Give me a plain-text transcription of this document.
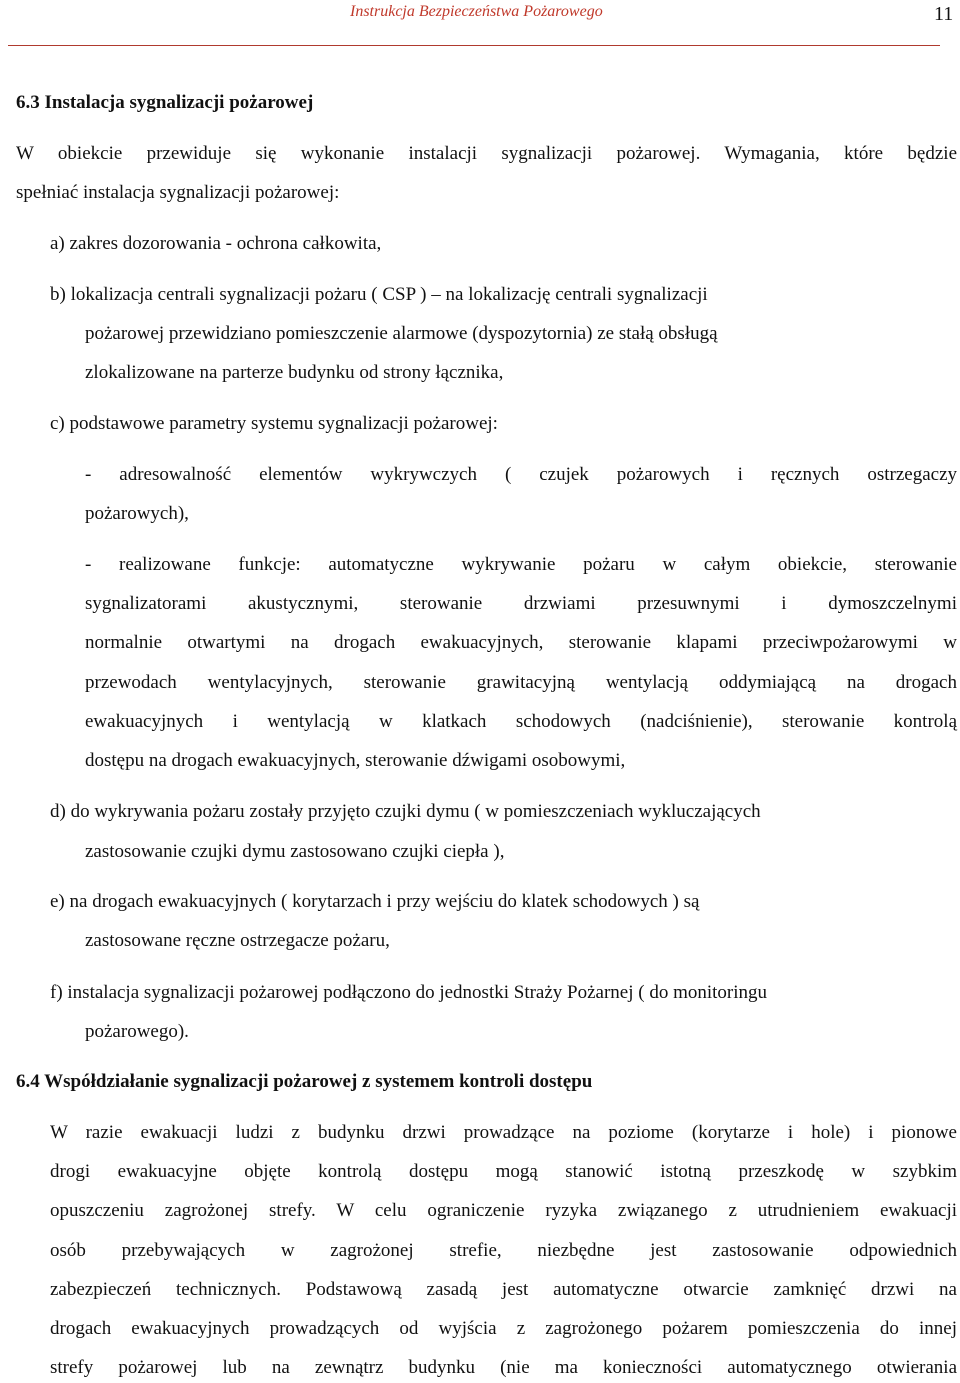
Instrukcja Bezpieczeństwa Pożarowego	11
6.3 Instalacja sygnalizacji pożarowej
W obiekcie przewiduje się wykonanie instalacji sygnalizacji pożarowej. Wymagania, które będzie
spełniać instalacja sygnalizacji pożarowej:
a) zakres dozorowania - ochrona całkowita,
b) lokalizacja centrali sygnalizacji pożaru ( CSP ) – na lokalizację centrali sygnalizacji
pożarowej przewidziano pomieszczenie alarmowe (dyspozytornia) ze stałą obsługą
zlokalizowane na parterze budynku od strony łącznika,
c) podstawowe parametry systemu sygnalizacji pożarowej:
- adresowalność elementów wykrywczych ( czujek pożarowych i ręcznych ostrzegaczy
pożarowych),
- realizowane funkcje: automatyczne wykrywanie pożaru w całym obiekcie, sterowanie
sygnalizatorami akustycznymi, sterowanie drzwiami przesuwnymi i dymoszczelnymi
normalnie otwartymi na drogach ewakuacyjnych, sterowanie klapami przeciwpożarowymi w
przewodach wentylacyjnych, sterowanie grawitacyjną wentylacją oddymiającą na drogach
ewakuacyjnych i wentylacją w klatkach schodowych (nadciśnienie), sterowanie kontrolą
dostępu na drogach ewakuacyjnych, sterowanie dźwigami osobowymi,
d) do wykrywania pożaru zostały przyjęto czujki dymu ( w pomieszczeniach wykluczających
zastosowanie czujki dymu zastosowano czujki ciepła ),
e) na drogach ewakuacyjnych ( korytarzach i przy wejściu do klatek schodowych ) są
zastosowane ręczne ostrzegacze pożaru,
f) instalacja sygnalizacji pożarowej podłączono do jednostki Straży Pożarnej ( do monitoringu
pożarowego).
6.4 Współdziałanie sygnalizacji pożarowej z systemem kontroli dostępu
W razie ewakuacji ludzi z budynku drzwi prowadzące na poziome (korytarze i hole) i pionowe
drogi ewakuacyjne objęte kontrolą dostępu mogą stanowić istotną przeszkodę w szybkim
opuszczeniu zagrożonej strefy. W celu ograniczenie ryzyka związanego z utrudnieniem ewakuacji
osób przebywających w zagrożonej strefie, niezbędne jest zastosowanie odpowiednich
zabezpieczeń technicznych. Podstawową zasadą jest automatyczne otwarcie zamknięć drzwi na
drogach ewakuacyjnych prowadzących od wyjścia z zagrożonego pożarem pomieszczenia do innej
strefy pożarowej lub na zewnątrz budynku (nie ma konieczności automatycznego otwierania
